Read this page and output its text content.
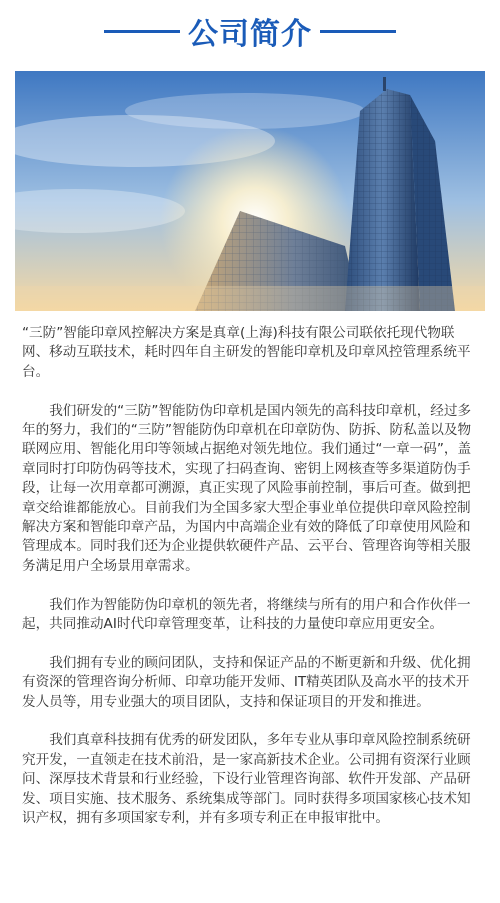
公司简介

“三防”智能印章风控解决方案是真章(上海)科技有限公司联依托现代物联网、移动互联技术，耗时四年自主研发的智能印章机及印章风控管理系统平台。

我们研发的“三防”智能防伪印章机是国内领先的高科技印章机，经过多年的努力，我们的“三防”智能防伪印章机在印章防伪、防拆、防私盖以及物联网应用、智能化用印等领域占据绝对领先地位。我们通过“一章一码”，盖章同时打印防伪码等技术，实现了扫码查询、密钥上网核查等多渠道防伪手段，让每一次用章都可溯源，真正实现了风险事前控制，事后可查。做到把章交给谁都能放心。目前我们为全国多家大型企事业单位提供印章风险控制解决方案和智能印章产品，为国内中高端企业有效的降低了印章使用风险和管理成本。同时我们还为企业提供软硬件产品、云平台、管理咨询等相关服务满足用户全场景用章需求。

我们作为智能防伪印章机的领先者，将继续与所有的用户和合作伙伴一起，共同推动AI时代印章管理变革，让科技的力量使印章应用更安全。

我们拥有专业的顾问团队，支持和保证产品的不断更新和升级、优化拥有资深的管理咨询分析师、印章功能开发师、IT精英团队及高水平的技术开发人员等，用专业强大的项目团队，支持和保证项目的开发和推进。

我们真章科技拥有优秀的研发团队，多年专业从事印章风险控制系统研究开发，一直领走在技术前沿，是一家高新技术企业。公司拥有资深行业顾问、深厚技术背景和行业经验，下设行业管理咨询部、软件开发部、产品研发、项目实施、技术服务、系统集成等部门。同时获得多项国家核心技术知识产权，拥有多项国家专利，并有多项专利正在申报审批中。
